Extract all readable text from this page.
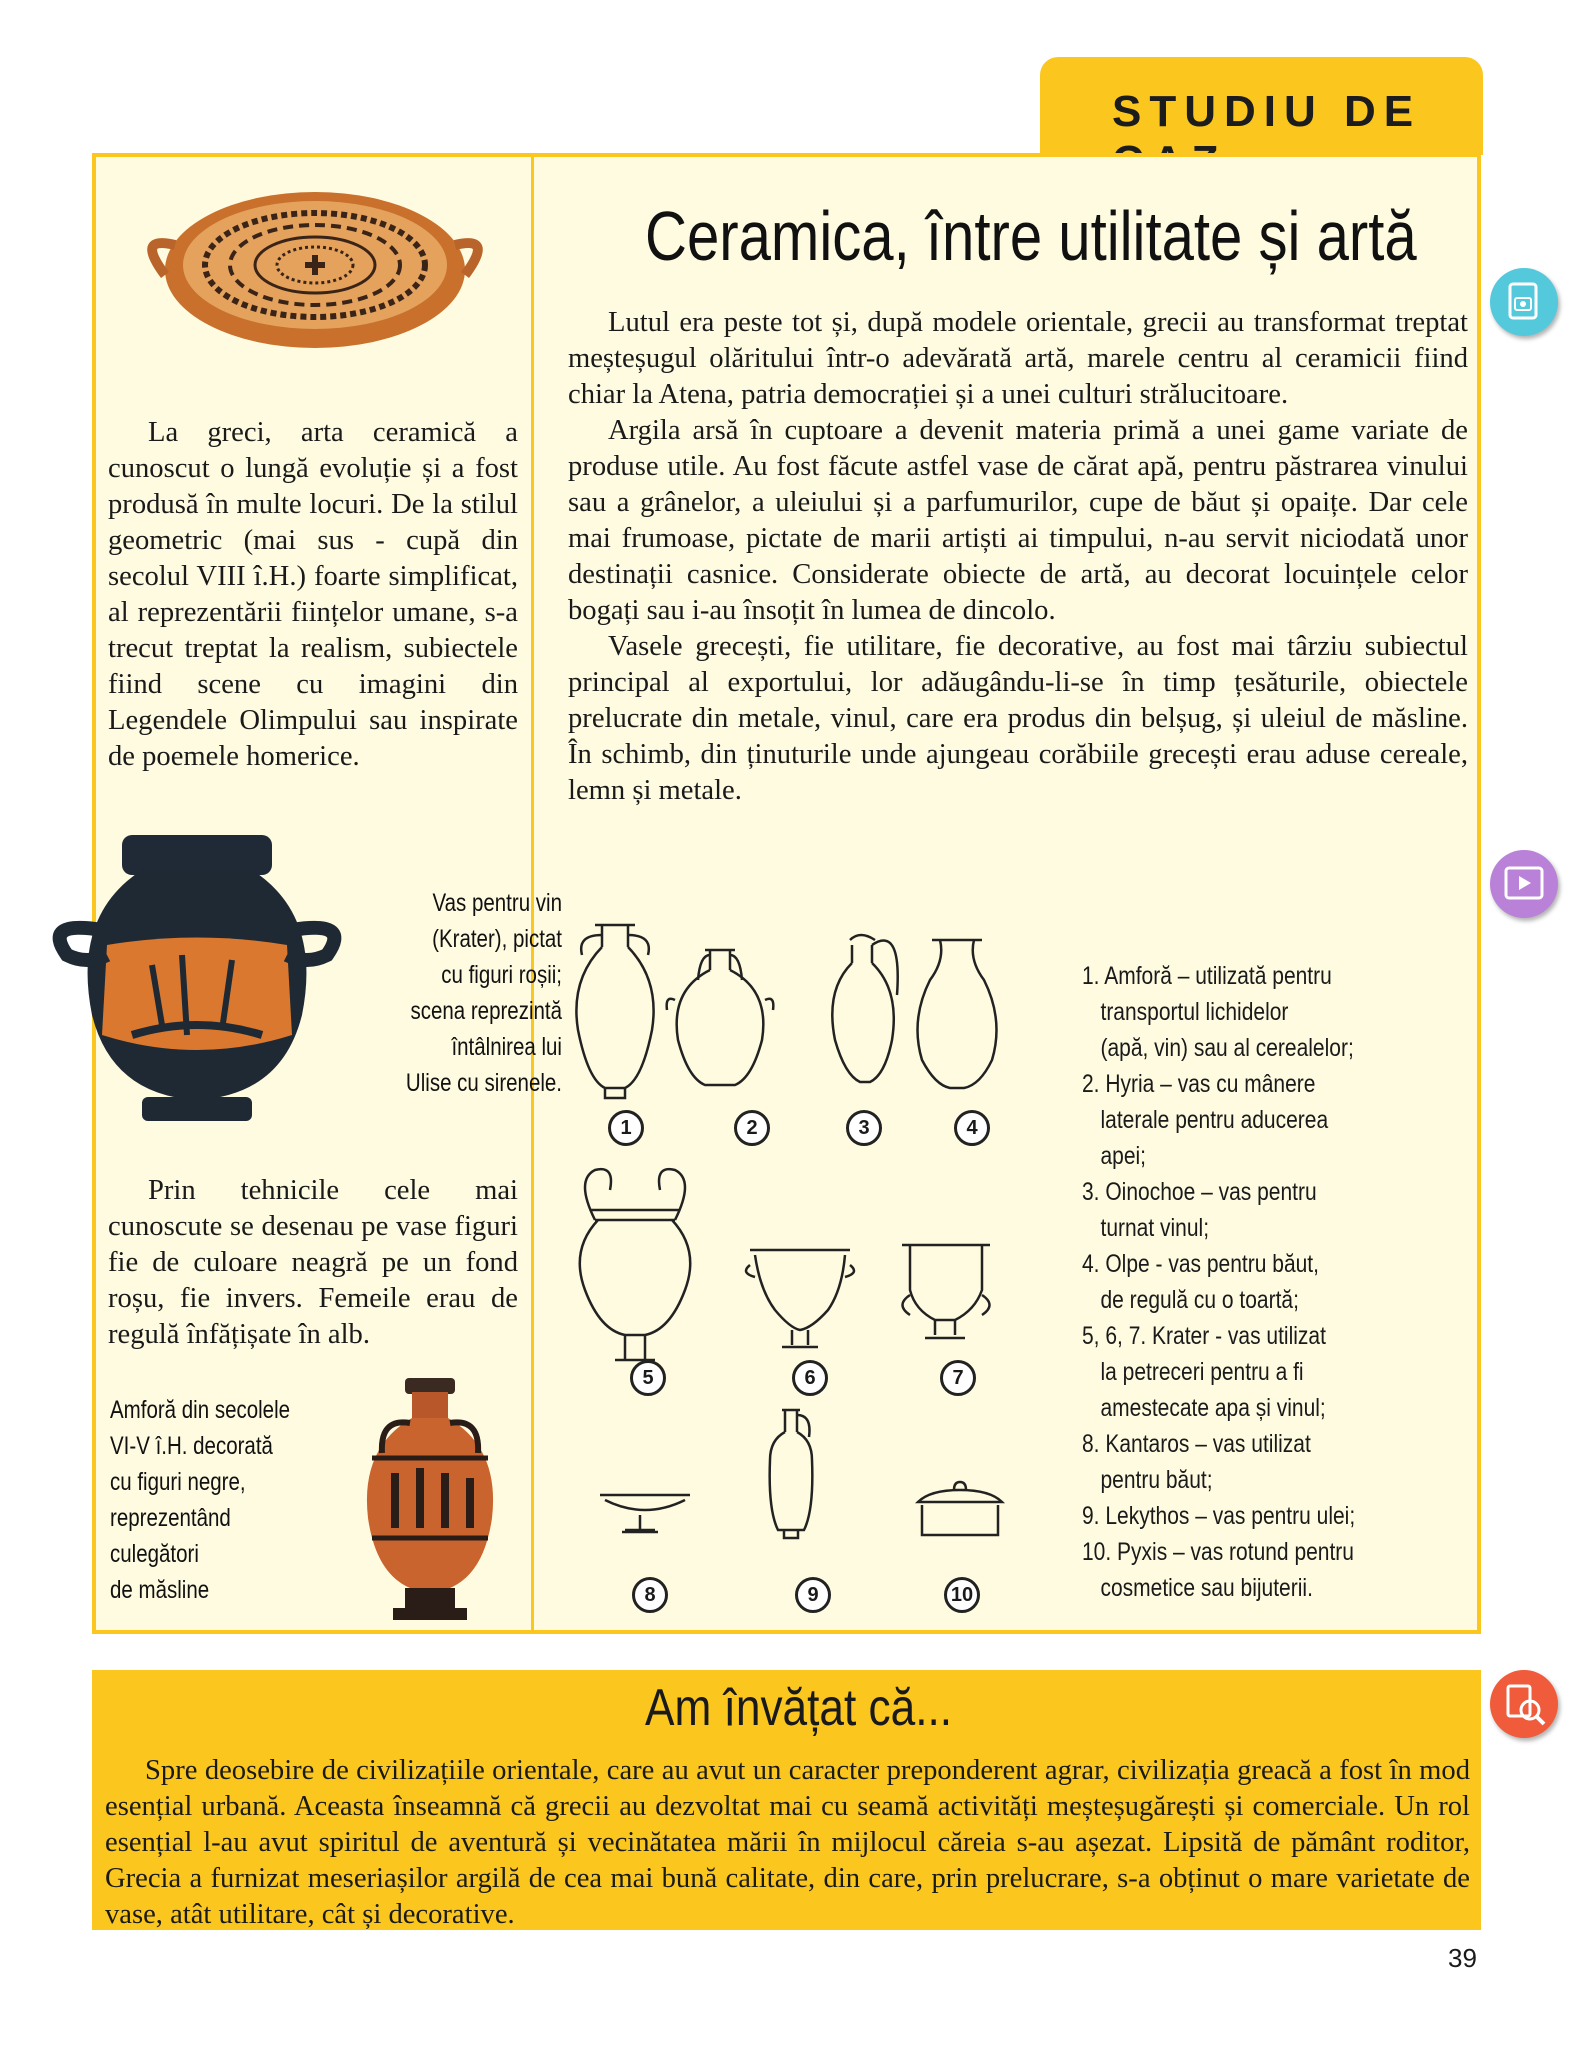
STUDIU DE
Ceramica, între utilitate și artă

Lutul era peste tot și, după modele orientale, grecii au transformat treptat meșteșugul olăritului într-o adevărată artă, marele centru al ceramicii fiind chiar la Atena, patria democrației și a unei culturi strălucitoare.

Argila arsă în cuptoare a devenit materia primă a unei game variate de produse utile. Au fost făcute astfel vase de cărat apă, pentru păstrarea vinului sau a grânelor, a uleiului și a parfumurilor, cupe de băut și opaițe. Dar cele mai frumoase, pictate de marii artiști ai timpului, n-au servit niciodată unor destinații casnice. Considerate obiecte de artă, au decorat locuințele celor bogați sau i-au însoțit în lumea de dincolo.

Vasele grecești, fie utilitare, fie decorative, au fost mai târziu subiectul principal al exportului, lor adăugându-li-se în timp țesăturile, obiectele prelucrate din metale, vinul, care era produs din belșug, și uleiul de măsline. În schimb, din ținuturile unde ajungeau corăbiile grecești erau aduse cereale, lemn și metale.

La greci, arta ceramică a cunoscut o lungă evoluție și a fost produsă în multe locuri. De la stilul geometric (mai sus - cupă din secolul VIII î.H.) foarte simplificat, al reprezentării ființelor umane, s-a trecut treptat la realism, subiectele fiind scene cu imagini din Legendele Olimpului sau inspirate de poemele homerice.

Vas pentru vin
(Krater), pictat
cu figuri roșii;
scena reprezintă
întâlnirea lui
Ulise cu sirenele.

Prin tehnicile cele mai cunoscute se desenau pe vase figuri fie de culoare neagră pe un fond roșu, fie invers. Femeile erau de regulă înfățișate în alb.

Amforă din secolele
VI-V î.H. decorată
cu figuri negre,
reprezentând
culegători
de măsline
1	2	3	4
5	6	7
8	9	10
1. Amforă – utilizată pentru
transportul lichidelor
(apă, vin) sau al cerealelor;
2. Hyria – vas cu mânere
laterale pentru aducerea
apei;
3. Oinochoe – vas pentru
turnat vinul;
4. Olpe - vas pentru băut,
de regulă cu o toartă;
5, 6, 7. Krater - vas utilizat
la petreceri pentru a fi
amestecate apa și vinul;
8. Kantaros – vas utilizat
pentru băut;
9. Lekythos – vas pentru ulei;
10. Pyxis – vas rotund pentru
cosmetice sau bijuterii.
Am învățat că...

Spre deosebire de civilizațiile orientale, care au avut un caracter preponderent agrar, civilizația greacă a fost în mod esențial urbană. Aceasta înseamnă că grecii au dezvoltat mai cu seamă activități meșteșugărești și comerciale. Un rol esențial l-au avut spiritul de aventură și vecinătatea mării în mijlocul căreia s-au așezat. Lipsită de pământ roditor, Grecia a furnizat meseriașilor argilă de cea mai bună calitate, din care, prin prelucrare, s-a obținut o mare varietate de vase, atât utilitare, cât și decorative.

39
